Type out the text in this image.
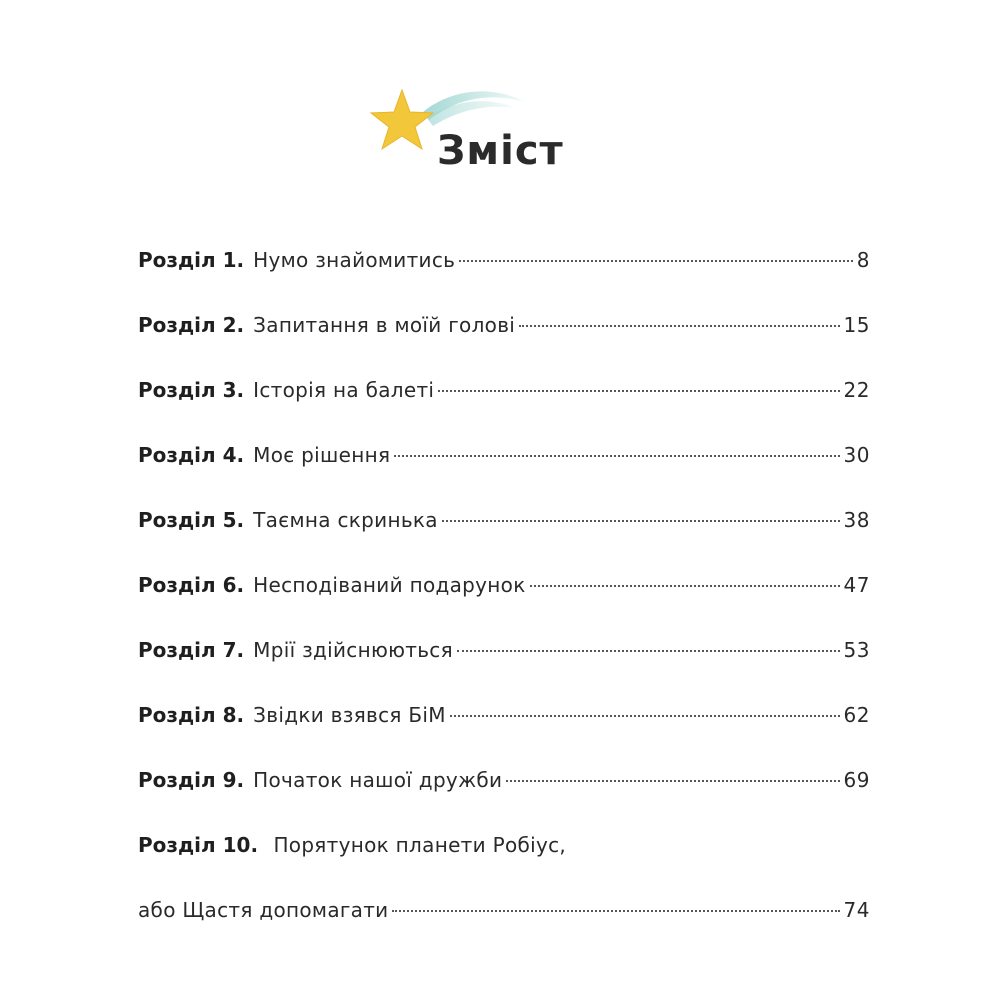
Зміст
Розділ 1. Нумо знайомитись	8
Розділ 2. Запитання в моїй голові	15
Розділ 3. Історія на балеті	22
Розділ 4. Моє рішення	30
Розділ 5. Таємна скринька	38
Розділ 6. Несподіваний подарунок	47
Розділ 7. Мрії здійснюються	53
Розділ 8. Звідки взявся БіМ	62
Розділ 9. Початок нашої дружби	69
Розділ 10. Порятунок планети Робіус,
або Щастя допомагати	74
